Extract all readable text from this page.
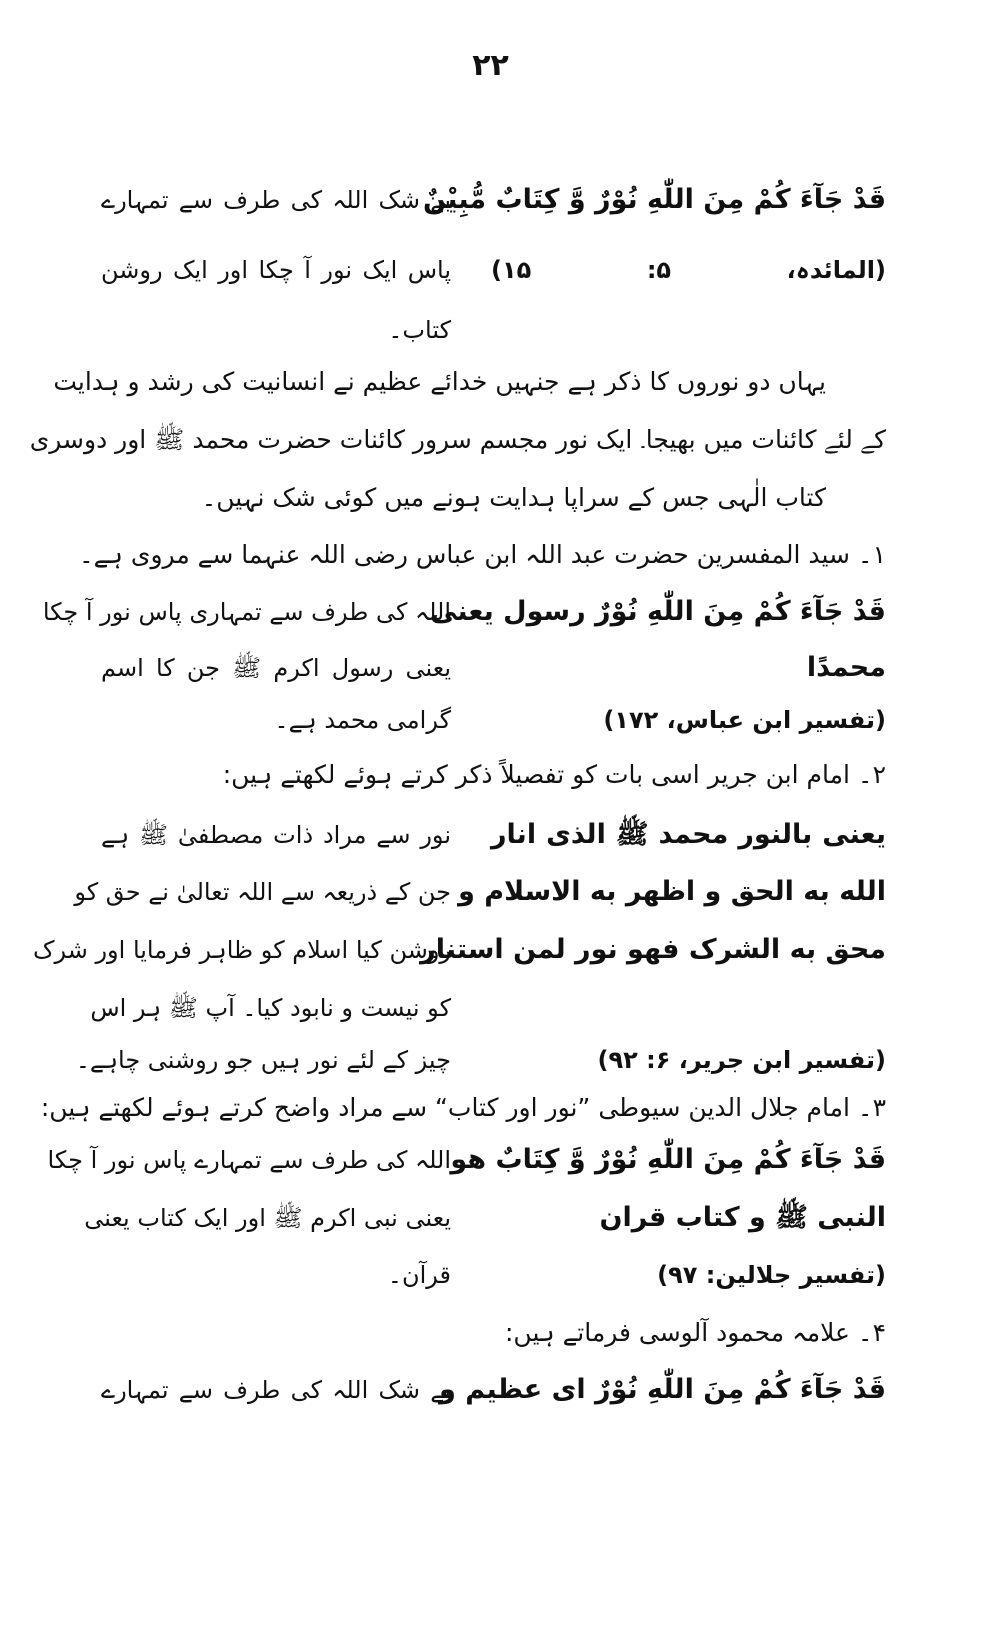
۲۲
قَدْ جَآءَ كُمْ مِنَ اللّٰهِ نُوْرٌ وَّ كِتَابٌ مُّبِيْنٌ
بے شک اللہ کی طرف سے تمہارے
(المائدہ، ۵: ۱۵)
پاس ایک نور آ چکا اور ایک روشن
کتاب۔
یہاں دو نوروں کا ذکر ہے جنہیں خدائے عظیم نے انسانیت کی رشد و ہدایت
کے لئے کائنات میں بھیجا۔ ایک نور مجسم سرور کائنات حضرت محمد ﷺ اور دوسری
کتاب الٰہی جس کے سراپا ہدایت ہونے میں کوئی شک نہیں۔
۱۔ سید المفسرین حضرت عبد اللہ ابن عباس رضی اللہ عنہما سے مروی ہے۔
قَدْ جَآءَ كُمْ مِنَ اللّٰهِ نُوْرٌ رسول يعنی
اللہ کی طرف سے تمہاری پاس نور آ چکا
محمدًا
یعنی رسول اکرم ﷺ جن کا اسم
(تفسیر ابن عباس، ۱۷۲)
گرامی محمد ہے۔
۲۔ امام ابن جریر اسی بات کو تفصیلاً ذکر کرتے ہوئے لکھتے ہیں:
يعنی بالنور محمد ﷺ الذی انار
نور سے مراد ذات مصطفیٰ ﷺ ہے
الله به الحق و اظهر به الاسلام و
جن کے ذریعہ سے اللہ تعالیٰ نے حق کو
محق به الشرک فهو نور لمن استنار
روشن کیا اسلام کو ظاہر فرمایا اور شرک
کو نیست و نابود کیا۔ آپ ﷺ ہر اس
(تفسیر ابن جریر، ۶: ۹۲)
چیز کے لئے نور ہیں جو روشنی چاہے۔
۳۔ امام جلال الدین سیوطی ”نور اور کتاب“ سے مراد واضح کرتے ہوئے لکھتے ہیں:
قَدْ جَآءَ كُمْ مِنَ اللّٰهِ نُوْرٌ وَّ كِتَابٌ هو
اللہ کی طرف سے تمہارے پاس نور آ چکا
النبی ﷺ و كتاب قران
یعنی نبی اکرم ﷺ اور ایک کتاب یعنی
(تفسیر جلالین: ۹۷)
قرآن۔
۴۔ علامہ محمود آلوسی فرماتے ہیں:
قَدْ جَآءَ كُمْ مِنَ اللّٰهِ نُوْرٌ ای عظيم و
بے شک اللہ کی طرف سے تمہارے
